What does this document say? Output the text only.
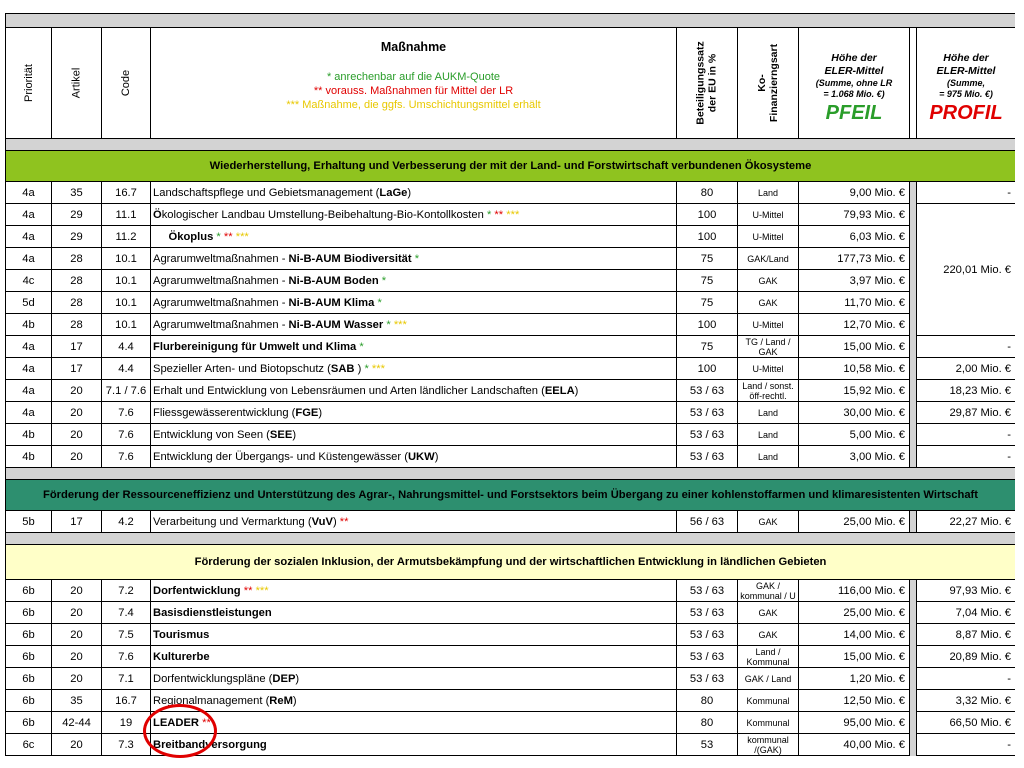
Priorität	Artikel	Code	Maßnahme
* anrechenbar auf die AUKM-Quote
** vorauss. Maßnahmen für Mittel der LR
*** Maßnahme, die ggfs. Umschichtungsmittel erhält	Beteiligungssatz
der EU in %	Ko-
Finanzierngsart	Höhe der
ELER-Mittel
(Summe, ohne LR
= 1.068 Mio. €)
PFEIL		Höhe der
ELER-Mittel
(Summe,
= 975 Mio. €)
PROFIL

Wiederherstellung, Erhaltung und Verbesserung der mit der Land- und Forstwirtschaft verbundenen Ökosysteme								
4a	35	16.7	Landschaftspflege und Gebietsmanagement (LaGe)	80	Land	9,00 Mio. €		-
4a	29	11.1	Ökologischer Landbau Umstellung-Beibehaltung-Bio-Kontollkosten * ** ***	100	U-Mittel	79,93 Mio. €		220,01 Mio. €
4a	29	11.2	Ökoplus * ** ***	100	U-Mittel	6,03 Mio. €		
4a	28	10.1	Agrarumweltmaßnahmen - Ni-B-AUM Biodiversität *	75	GAK/Land	177,73 Mio. €		
4c	28	10.1	Agrarumweltmaßnahmen - Ni-B-AUM Boden *	75	GAK	3,97 Mio. €		
5d	28	10.1	Agrarumweltmaßnahmen - Ni-B-AUM Klima *	75	GAK	11,70 Mio. €		
4b	28	10.1	Agrarumweltmaßnahmen - Ni-B-AUM Wasser * ***	100	U-Mittel	12,70 Mio. €		
4a	17	4.4	Flurbereinigung für Umwelt und Klima *	75	TG / Land / GAK	15,00 Mio. €		-
4a	17	4.4	Spezieller Arten- und Biotopschutz (SAB ) * ***	100	U-Mittel	10,58 Mio. €		2,00 Mio. €
4a	20	7.1 / 7.6	Erhalt und Entwicklung von Lebensräumen und Arten ländlicher Landschaften (EELA)	53 / 63	Land / sonst. öff-rechtl.	15,92 Mio. €		18,23 Mio. €
4a	20	7.6	Fliessgewässerentwicklung (FGE)	53 / 63	Land	30,00 Mio. €		29,87 Mio. €
4b	20	7.6	Entwicklung von Seen (SEE)	53 / 63	Land	5,00 Mio. €		-
4b	20	7.6	Entwicklung der Übergangs- und Küstengewässer (UKW)	53 / 63	Land	3,00 Mio. €		-

Förderung der Ressourceneffizienz und Unterstützung des Agrar-, Nahrungsmittel- und Forstsektors beim Übergang zu einer kohlenstoffarmen und klimaresistenten Wirtschaft								
5b	17	4.2	Verarbeitung und Vermarktung (VuV) **	56 / 63	GAK	25,00 Mio. €		22,27 Mio. €

Förderung der sozialen Inklusion, der Armutsbekämpfung und der wirtschaftlichen Entwicklung in ländlichen Gebieten								
6b	20	7.2	Dorfentwicklung ** ***	53 / 63	GAK / kommunal / U	116,00 Mio. €		97,93 Mio. €
6b	20	7.4	Basisdienstleistungen	53 / 63	GAK	25,00 Mio. €		7,04 Mio. €
6b	20	7.5	Tourismus	53 / 63	GAK	14,00 Mio. €		8,87 Mio. €
6b	20	7.6	Kulturerbe	53 / 63	Land / Kommunal	15,00 Mio. €		20,89 Mio. €
6b	20	7.1	Dorfentwicklungspläne (DEP)	53 / 63	GAK / Land	1,20 Mio. €		-
6b	35	16.7	Regionalmanagement (ReM)	80	Kommunal	12,50 Mio. €		3,32 Mio. €
6b	42-44	19	LEADER **	80	Kommunal	95,00 Mio. €		66,50 Mio. €
6c	20	7.3	Breitbandversorgung	53	kommunal /(GAK)	40,00 Mio. €		-
